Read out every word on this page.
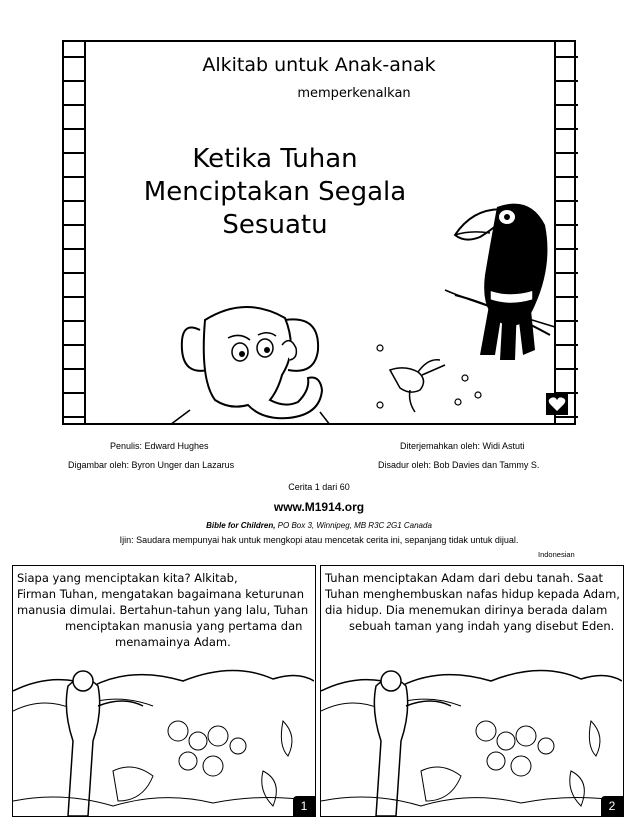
Alkitab untuk Anak-anak
memperkenalkan
Ketika Tuhan
Menciptakan Segala
Sesuatu
Penulis: Edward Hughes
Digambar oleh: Byron Unger dan Lazarus
Diterjemahkan oleh: Widi Astuti
Disadur oleh: Bob Davies dan Tammy S.
Cerita 1 dari 60
www.M1914.org
Bible for Children, PO Box 3, Winnipeg, MB R3C 2G1 Canada
Ijin: Saudara mempunyai hak untuk mengkopi atau mencetak cerita ini, sepanjang tidak untuk dijual.
Indonesian
Siapa yang menciptakan kita? Alkitab,
Firman Tuhan, mengatakan bagaimana keturunan
manusia dimulai. Bertahun-tahun yang lalu, Tuhan
menciptakan manusia yang pertama dan
menamainya Adam.
1
Tuhan menciptakan Adam dari debu tanah. Saat
Tuhan menghembuskan nafas hidup kepada Adam,
dia hidup. Dia menemukan dirinya berada dalam
sebuah taman yang indah yang disebut Eden.
2
